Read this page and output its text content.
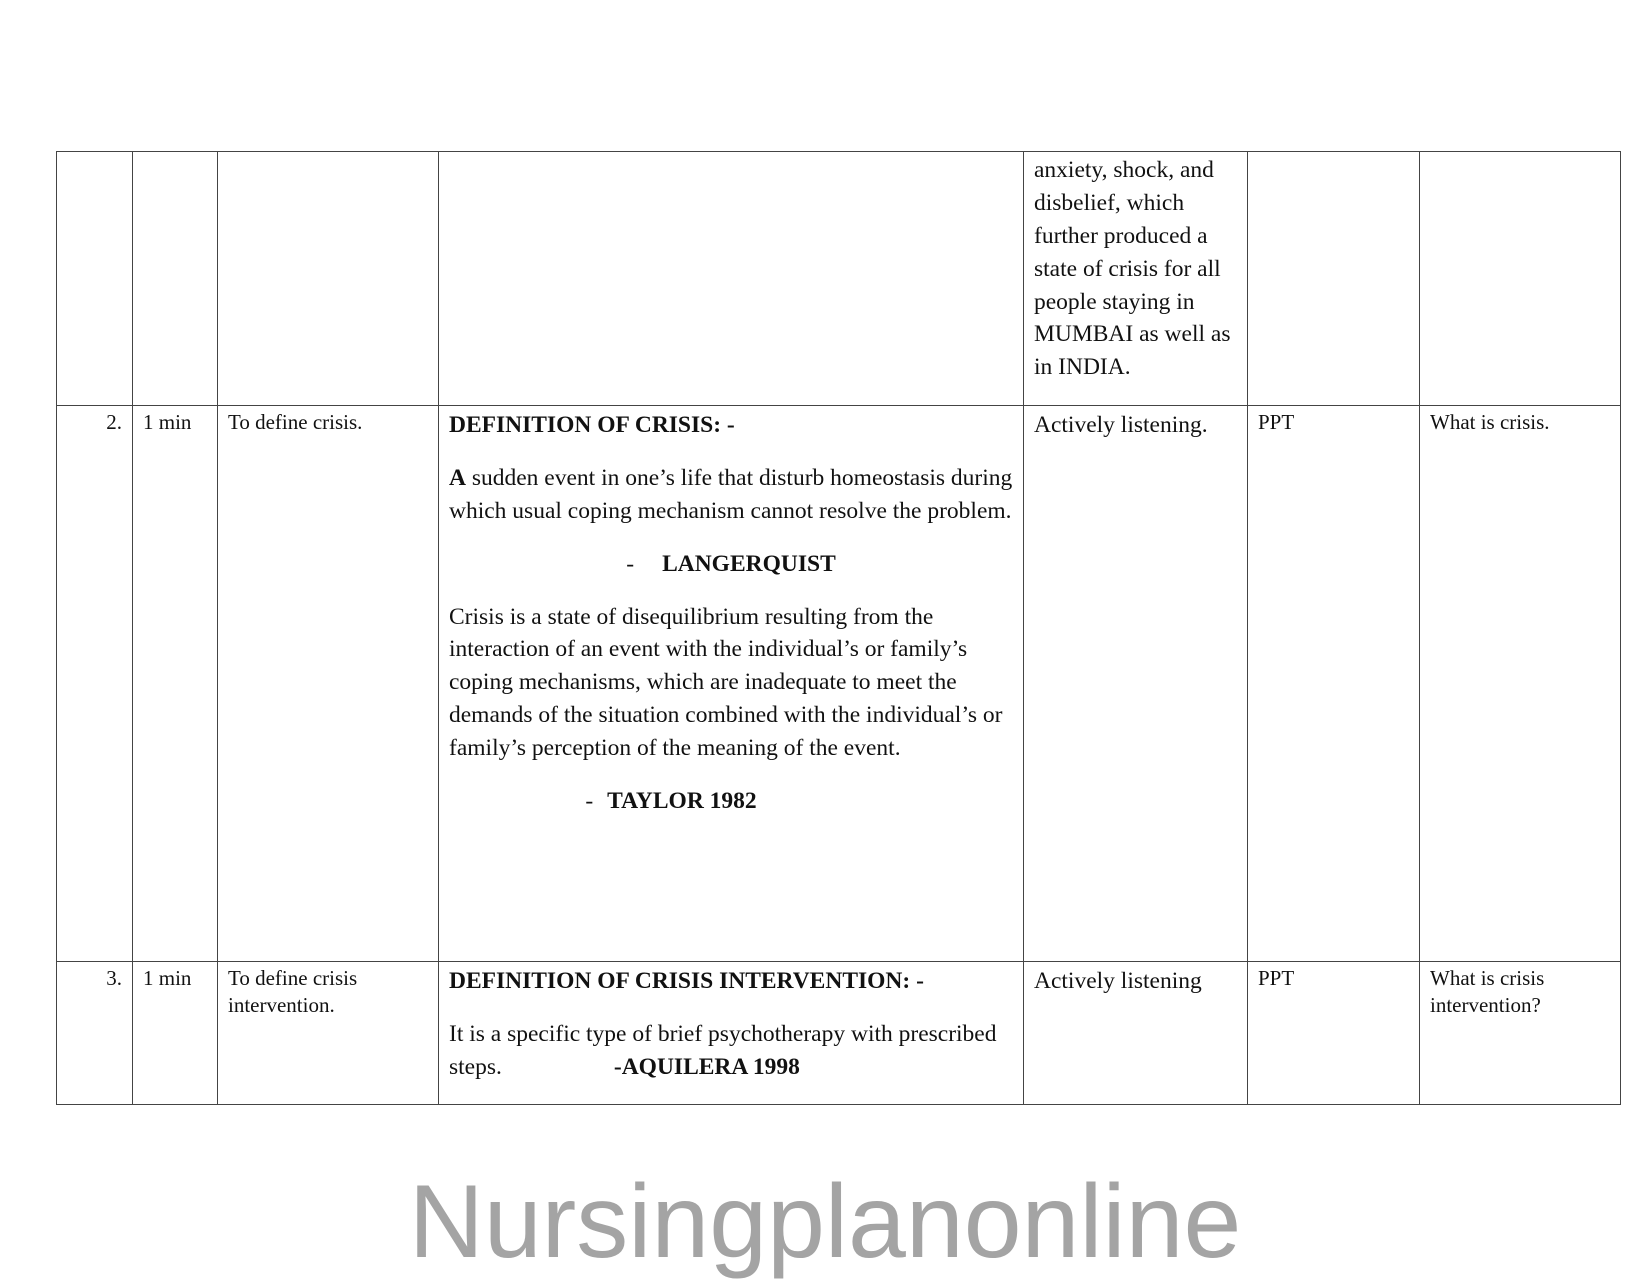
				anxiety, shock, and disbelief, which further produced a state of crisis for all people staying in MUMBAI as well as in INDIA.		
2.	1 min	To define crisis.	DEFINITION OF CRISIS: -
A sudden event in one’s life that disturb homeostasis during which usual coping mechanism cannot resolve the problem.
- LANGERQUIST
Crisis is a state of disequilibrium resulting from the interaction of an event with the individual’s or family’s coping mechanisms, which are inadequate to meet the demands of the situation combined with the individual’s or family’s perception of the meaning of the event.
- TAYLOR 1982	Actively listening.	PPT	What is crisis.
3.	1 min	To define crisis intervention.	DEFINITION OF CRISIS INTERVENTION: -
It is a specific type of brief psychotherapy with prescribed steps. -AQUILERA 1998	Actively listening	PPT	What is crisis intervention?
Nursingplanonline
